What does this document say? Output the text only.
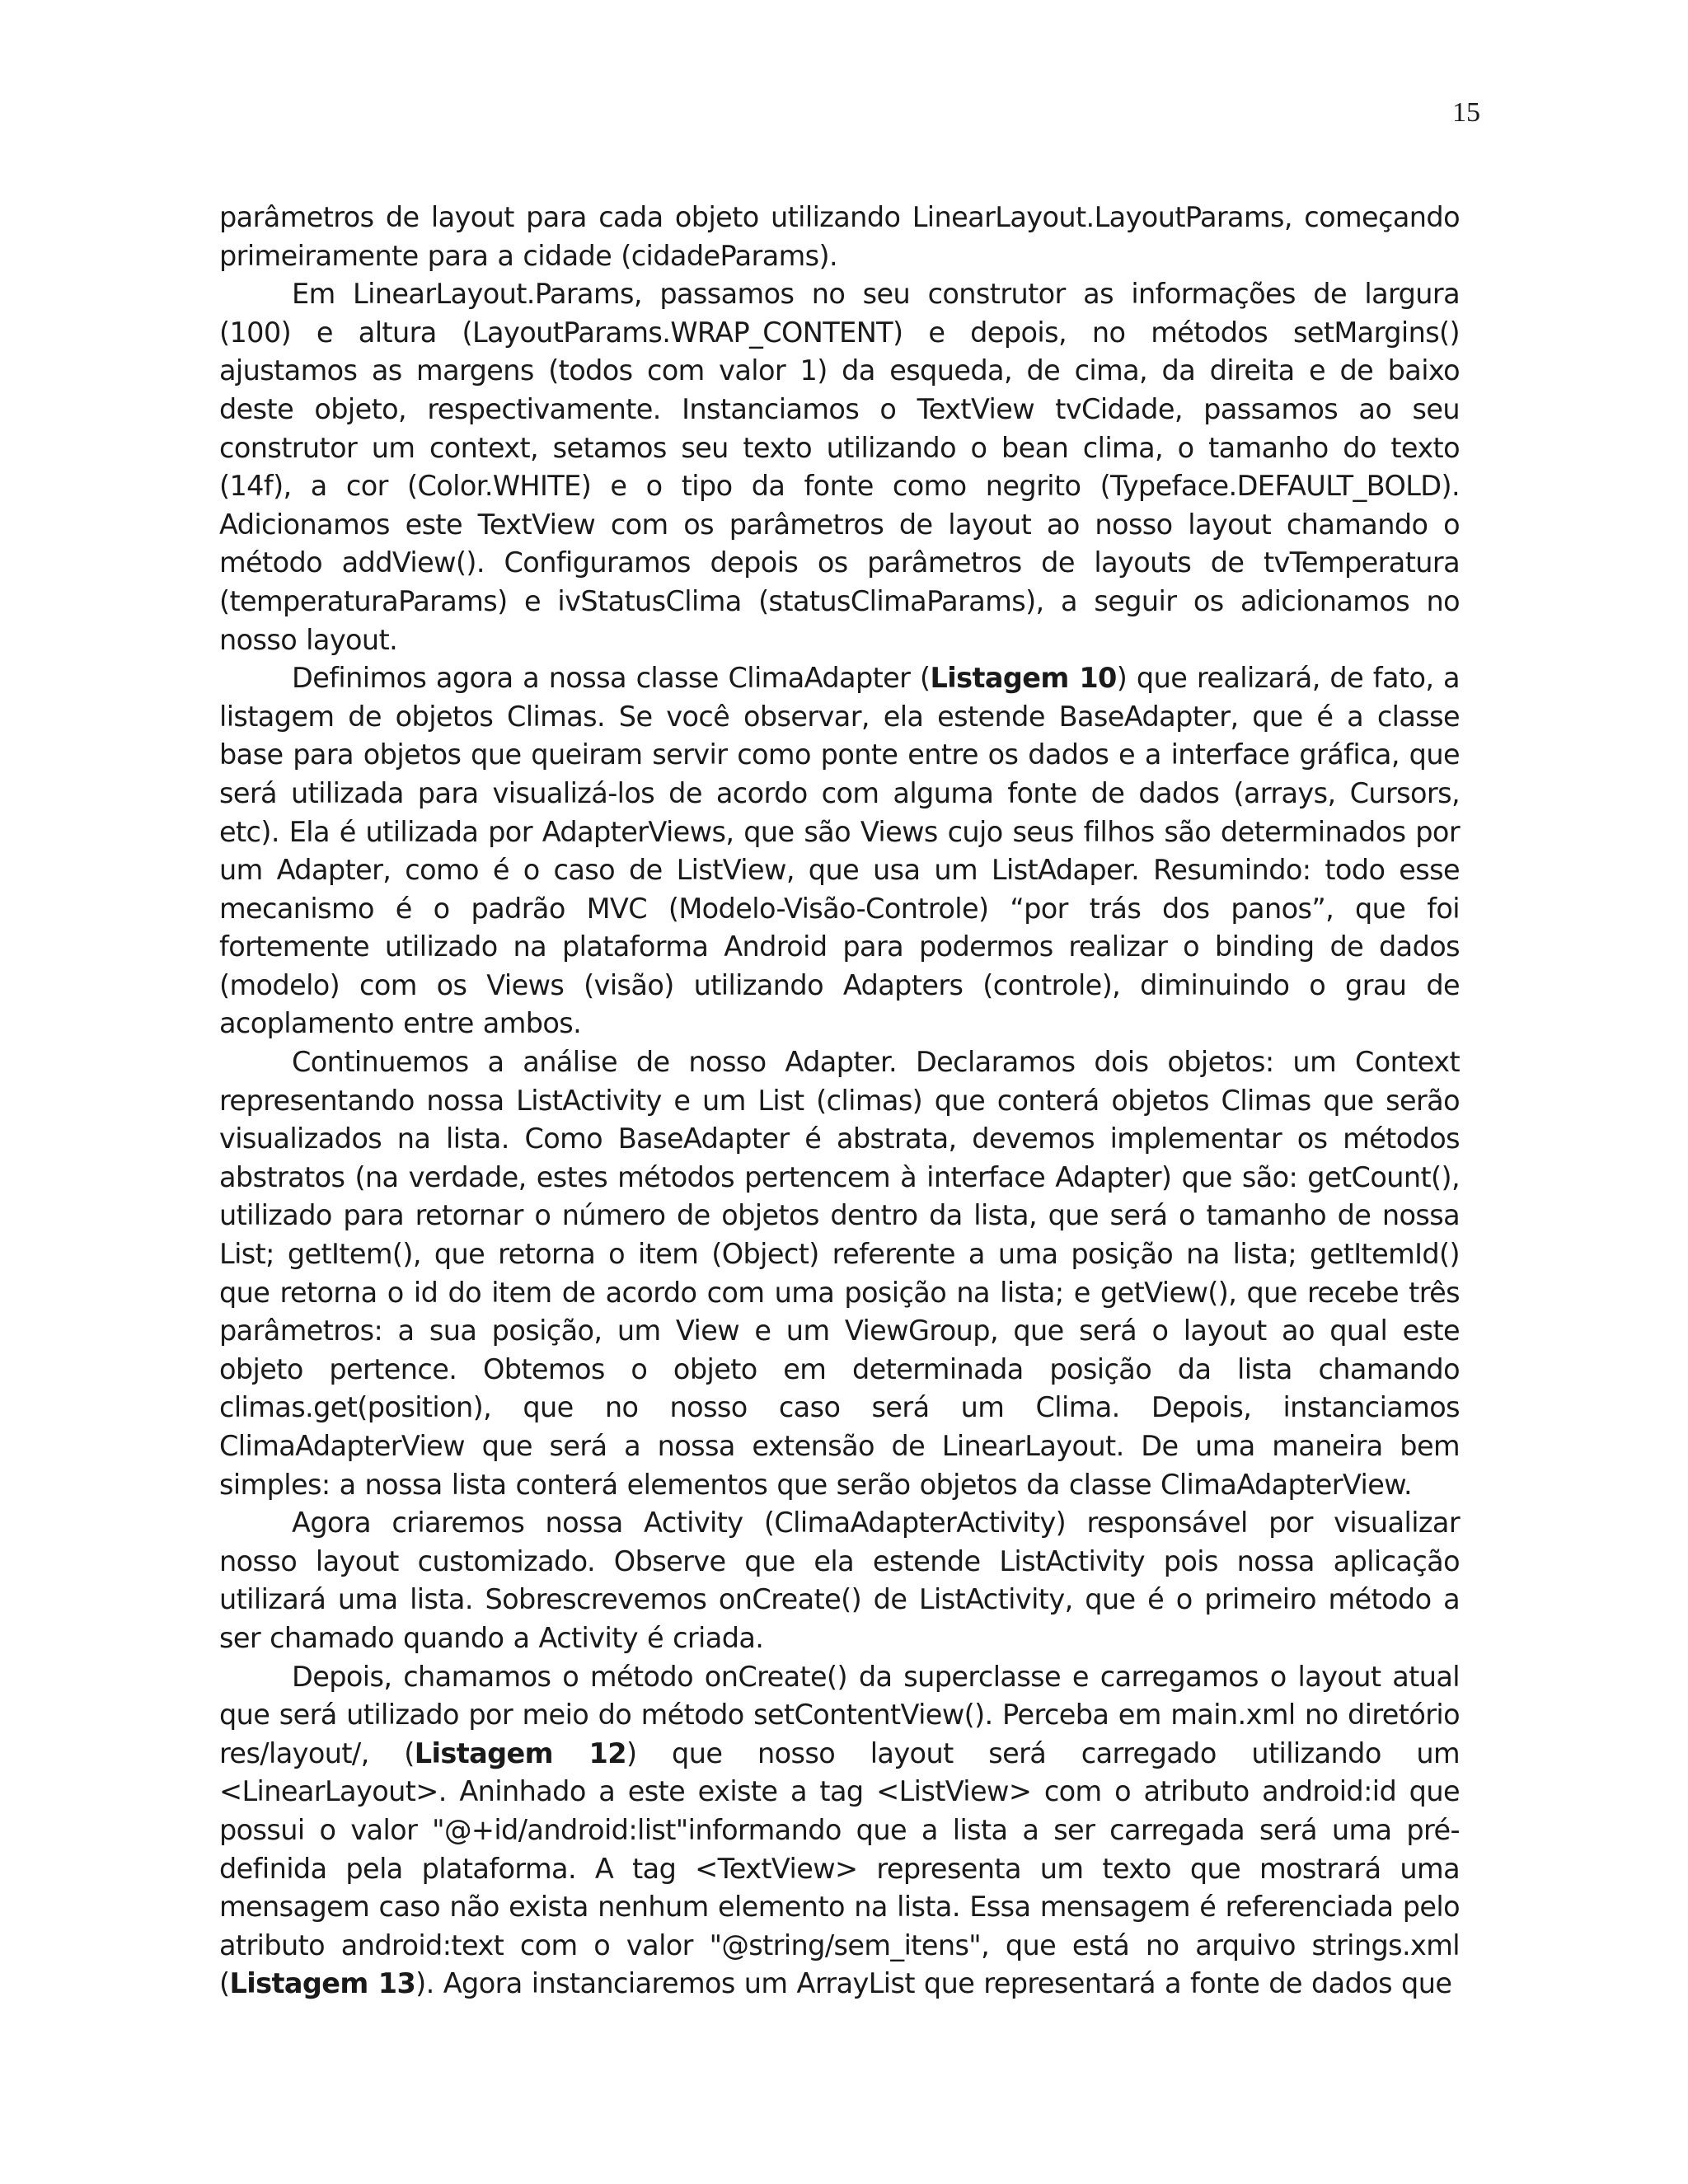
15

parâmetros de layout para cada objeto utilizando LinearLayout.LayoutParams, começando primeiramente para a cidade (cidadeParams).

Em LinearLayout.Params, passamos no seu construtor as informações de largura (100) e altura (LayoutParams.WRAP_CONTENT) e depois, no métodos setMargins() ajustamos as margens (todos com valor 1) da esqueda, de cima, da direita e de baixo deste objeto, respectivamente. Instanciamos o TextView tvCidade, passamos ao seu construtor um context, setamos seu texto utilizando o bean clima, o tamanho do texto (14f), a cor (Color.WHITE) e o tipo da fonte como negrito (Typeface.DEFAULT_BOLD). Adicionamos este TextView com os parâmetros de layout ao nosso layout chamando o método addView(). Configuramos depois os parâmetros de layouts de tvTemperatura (temperaturaParams) e ivStatusClima (statusClimaParams), a seguir os adicionamos no nosso layout.

Definimos agora a nossa classe ClimaAdapter (Listagem 10) que realizará, de fato, a listagem de objetos Climas. Se você observar, ela estende BaseAdapter, que é a classe base para objetos que queiram servir como ponte entre os dados e a interface gráfica, que será utilizada para visualizá-los de acordo com alguma fonte de dados (arrays, Cursors, etc). Ela é utilizada por AdapterViews, que são Views cujo seus filhos são determinados por um Adapter, como é o caso de ListView, que usa um ListAdaper. Resumindo: todo esse mecanismo é o padrão MVC (Modelo-Visão-Controle) “por trás dos panos”, que foi fortemente utilizado na plataforma Android para podermos realizar o binding de dados (modelo) com os Views (visão) utilizando Adapters (controle), diminuindo o grau de acoplamento entre ambos.

Continuemos a análise de nosso Adapter. Declaramos dois objetos: um Context representando nossa ListActivity e um List (climas) que conterá objetos Climas que serão visualizados na lista. Como BaseAdapter é abstrata, devemos implementar os métodos abstratos (na verdade, estes métodos pertencem à interface Adapter) que são: getCount(), utilizado para retornar o número de objetos dentro da lista, que será o tamanho de nossa List; getItem(), que retorna o item (Object) referente a uma posição na lista; getItemId() que retorna o id do item de acordo com uma posição na lista; e getView(), que recebe três parâmetros: a sua posição, um View e um ViewGroup, que será o layout ao qual este objeto pertence. Obtemos o objeto em determinada posição da lista chamando climas.get(position), que no nosso caso será um Clima. Depois, instanciamos ClimaAdapterView que será a nossa extensão de LinearLayout. De uma maneira bem simples: a nossa lista conterá elementos que serão objetos da classe ClimaAdapterView.

Agora criaremos nossa Activity (ClimaAdapterActivity) responsável por visualizar nosso layout customizado. Observe que ela estende ListActivity pois nossa aplicação utilizará uma lista. Sobrescrevemos onCreate() de ListActivity, que é o primeiro método a ser chamado quando a Activity é criada.

Depois, chamamos o método onCreate() da superclasse e carregamos o layout atual que será utilizado por meio do método setContentView(). Perceba em main.xml no diretório res/layout/, (Listagem 12) que nosso layout será carregado utilizando um <LinearLayout>. Aninhado a este existe a tag <ListView> com o atributo android:id que possui o valor "@+id/android:list"informando que a lista a ser carregada será uma pré-definida pela plataforma. A tag <TextView> representa um texto que mostrará uma mensagem caso não exista nenhum elemento na lista. Essa mensagem é referenciada pelo atributo android:text com o valor "@string/sem_itens", que está no arquivo strings.xml (Listagem 13). Agora instanciaremos um ArrayList que representará a fonte de dados que
